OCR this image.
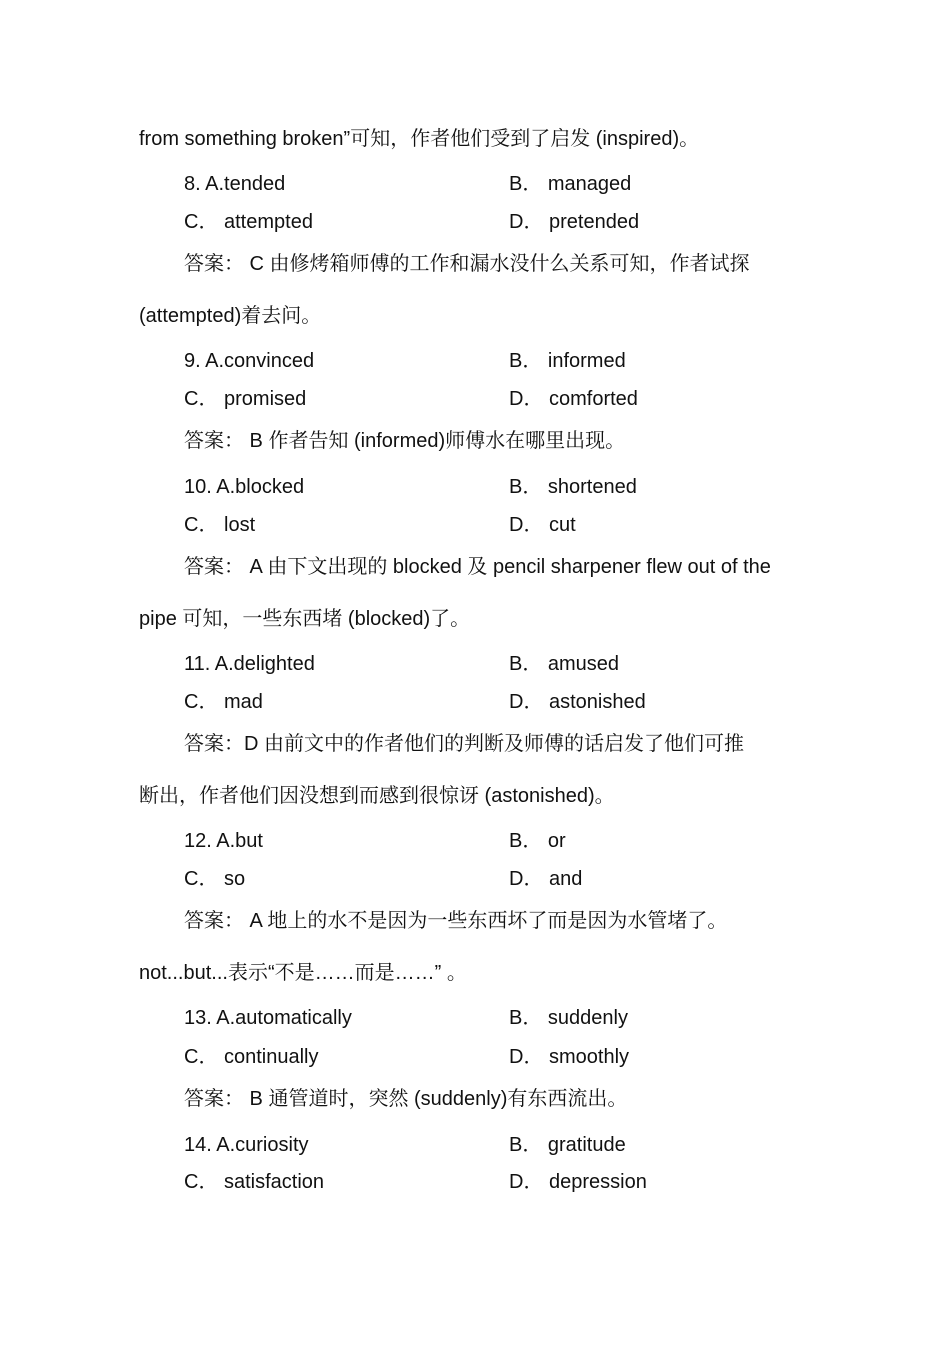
from something broken”可知，作者他们受到了启发 (inspired)。
8. A.tended	B． managed
C． attempted	D． pretended
答案： C 由修烤箱师傅的工作和漏水没什么关系可知，作者试探
(attempted)着去问。
9. A.convinced	B． informed
C． promised	D． comforted
答案： B 作者告知 (informed)师傅水在哪里出现。
10. A.blocked	B． shortened
C． lost	D． cut
答案： A 由下文出现的 blocked 及 pencil sharpener flew out of the
pipe 可知，一些东西堵 (blocked)了。
11. A.delighted	B． amused
C． mad	D． astonished
答案：D 由前文中的作者他们的判断及师傅的话启发了他们可推
断出，作者他们因没想到而感到很惊讶 (astonished)。
12. A.but	B． or
C． so	D． and
答案： A 地上的水不是因为一些东西坏了而是因为水管堵了。
not...but...表示“不是……而是……” 。
13. A.automatically	B． suddenly
C． continually	D． smoothly
答案： B 通管道时，突然 (suddenly)有东西流出。
14. A.curiosity	B． gratitude
C． satisfaction	D． depression
